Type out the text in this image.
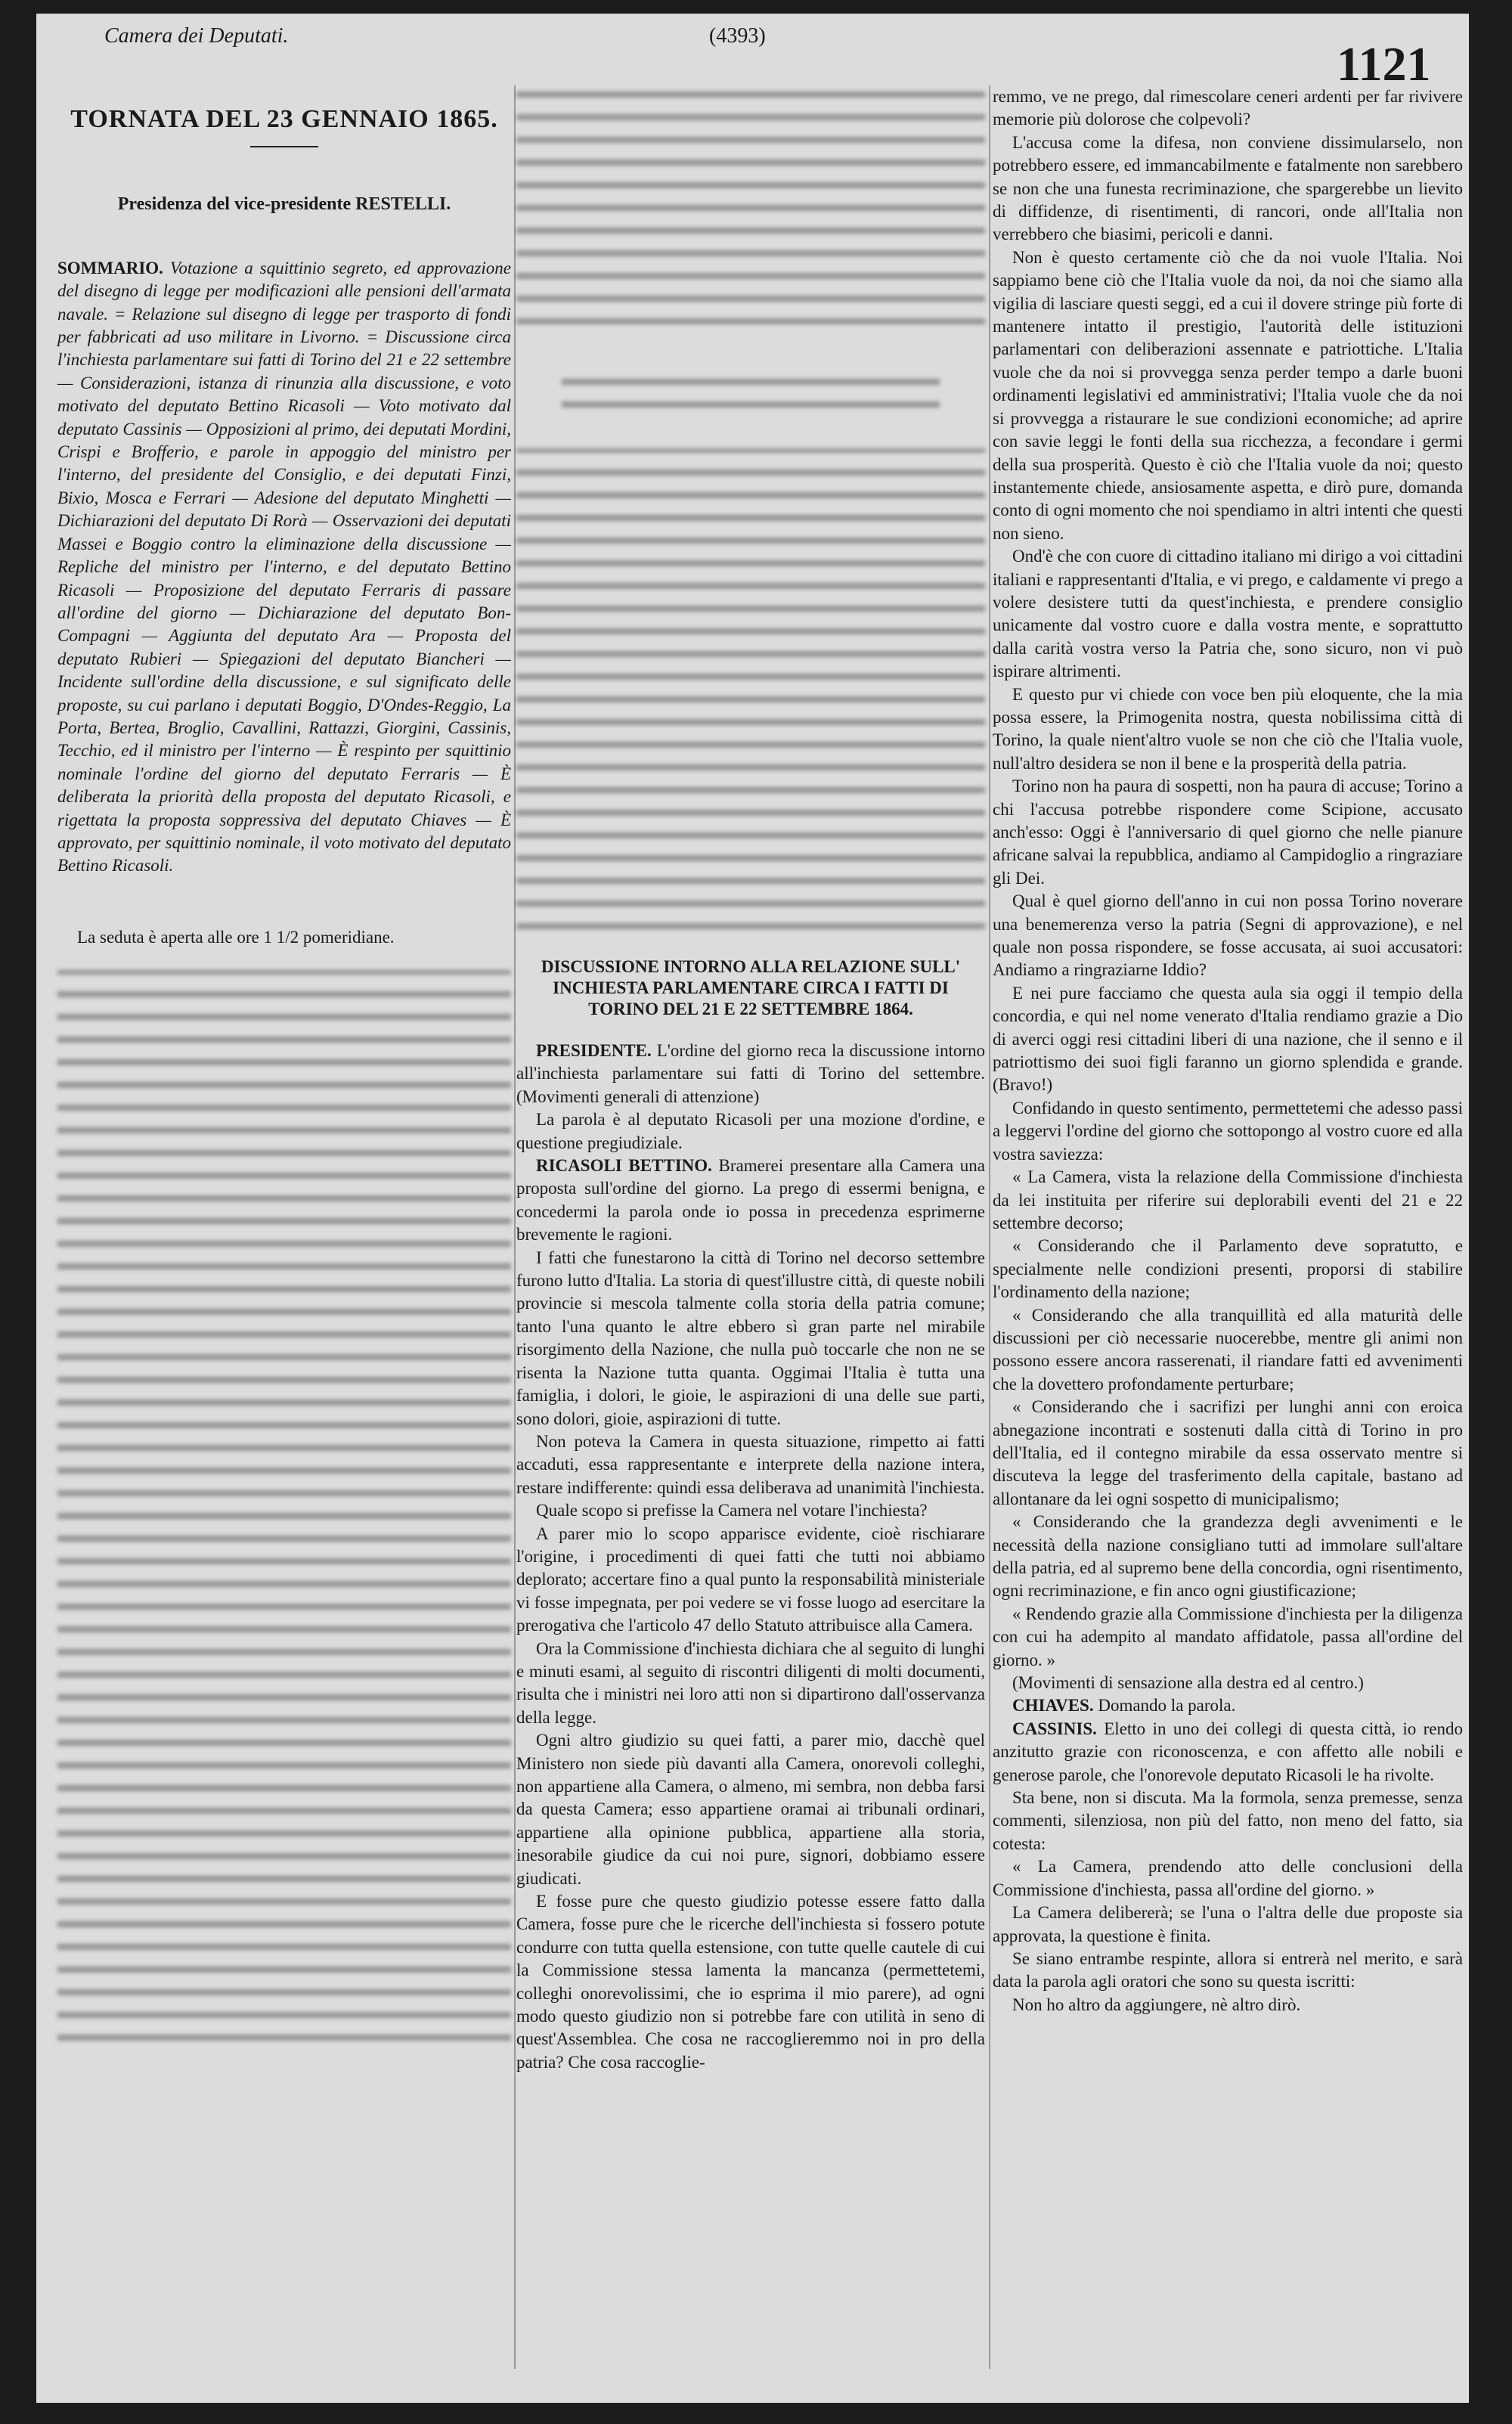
Camera dei Deputati.	(4393)
1121

TORNATA DEL 23 GENNAIO 1865.

Presidenza del vice-presidente RESTELLI.

SOMMARIO. Votazione a squittinio segreto, ed approvazione del disegno di legge per modificazioni alle pensioni dell'armata navale. = Relazione sul disegno di legge per trasporto di fondi per fabbricati ad uso militare in Livorno. = Discussione circa l'inchiesta parlamentare sui fatti di Torino del 21 e 22 settembre — Considerazioni, istanza di rinunzia alla discussione, e voto motivato del deputato Bettino Ricasoli — Voto motivato dal deputato Cassinis — Opposizioni al primo, dei deputati Mordini, Crispi e Brofferio, e parole in appoggio del ministro per l'interno, del presidente del Consiglio, e dei deputati Finzi, Bixio, Mosca e Ferrari — Adesione del deputato Minghetti — Dichiarazioni del deputato Di Rorà — Osservazioni dei deputati Massei e Boggio contro la eliminazione della discussione — Repliche del ministro per l'interno, e del deputato Bettino Ricasoli — Proposizione del deputato Ferraris di passare all'ordine del giorno — Dichiarazione del deputato Bon-Compagni — Aggiunta del deputato Ara — Proposta del deputato Rubieri — Spiegazioni del deputato Biancheri — Incidente sull'ordine della discussione, e sul significato delle proposte, su cui parlano i deputati Boggio, D'Ondes-Reggio, La Porta, Bertea, Broglio, Cavallini, Rattazzi, Giorgini, Cassinis, Tecchio, ed il ministro per l'interno — È respinto per squittinio nominale l'ordine del giorno del deputato Ferraris — È deliberata la priorità della proposta del deputato Ricasoli, e rigettata la proposta soppressiva del deputato Chiaves — È approvato, per squittinio nominale, il voto motivato del deputato Bettino Ricasoli.

La seduta è aperta alle ore 1 1/2 pomeridiane.

DISCUSSIONE INTORNO ALLA RELAZIONE SULL' INCHIESTA PARLAMENTARE CIRCA I FATTI DI TORINO DEL 21 E 22 SETTEMBRE 1864.

PRESIDENTE. L'ordine del giorno reca la discussione intorno all'inchiesta parlamentare sui fatti di Torino del settembre. (Movimenti generali di attenzione)

La parola è al deputato Ricasoli per una mozione d'ordine, e questione pregiudiziale.

RICASOLI BETTINO. Bramerei presentare alla Camera una proposta sull'ordine del giorno. La prego di essermi benigna, e concedermi la parola onde io possa in precedenza esprimerne brevemente le ragioni.

I fatti che funestarono la città di Torino nel decorso settembre furono lutto d'Italia. La storia di quest'illustre città, di queste nobili provincie si mescola talmente colla storia della patria comune; tanto l'una quanto le altre ebbero sì gran parte nel mirabile risorgimento della Nazione, che nulla può toccarle che non ne se risenta la Nazione tutta quanta. Oggimai l'Italia è tutta una famiglia, i dolori, le gioie, le aspirazioni di una delle sue parti, sono dolori, gioie, aspirazioni di tutte.

Non poteva la Camera in questa situazione, rimpetto ai fatti accaduti, essa rappresentante e interprete della nazione intera, restare indifferente: quindi essa deliberava ad unanimità l'inchiesta.

Quale scopo si prefisse la Camera nel votare l'inchiesta?

A parer mio lo scopo apparisce evidente, cioè rischiarare l'origine, i procedimenti di quei fatti che tutti noi abbiamo deplorato; accertare fino a qual punto la responsabilità ministeriale vi fosse impegnata, per poi vedere se vi fosse luogo ad esercitare la prerogativa che l'articolo 47 dello Statuto attribuisce alla Camera.

Ora la Commissione d'inchiesta dichiara che al seguito di lunghi e minuti esami, al seguito di riscontri diligenti di molti documenti, risulta che i ministri nei loro atti non si dipartirono dall'osservanza della legge.

Ogni altro giudizio su quei fatti, a parer mio, dacchè quel Ministero non siede più davanti alla Camera, onorevoli colleghi, non appartiene alla Camera, o almeno, mi sembra, non debba farsi da questa Camera; esso appartiene oramai ai tribunali ordinari, appartiene alla opinione pubblica, appartiene alla storia, inesorabile giudice da cui noi pure, signori, dobbiamo essere giudicati.

E fosse pure che questo giudizio potesse essere fatto dalla Camera, fosse pure che le ricerche dell'inchiesta si fossero potute condurre con tutta quella estensione, con tutte quelle cautele di cui la Commissione stessa lamenta la mancanza (permettetemi, colleghi onorevolissimi, che io esprima il mio parere), ad ogni modo questo giudizio non si potrebbe fare con utilità in seno di quest'Assemblea. Che cosa ne raccoglieremmo noi in pro della patria? Che cosa raccoglie-

remmo, ve ne prego, dal rimescolare ceneri ardenti per far rivivere memorie più dolorose che colpevoli?

L'accusa come la difesa, non conviene dissimularselo, non potrebbero essere, ed immancabilmente e fatalmente non sarebbero se non che una funesta recriminazione, che spargerebbe un lievito di diffidenze, di risentimenti, di rancori, onde all'Italia non verrebbero che biasimi, pericoli e danni.

Non è questo certamente ciò che da noi vuole l'Italia. Noi sappiamo bene ciò che l'Italia vuole da noi, da noi che siamo alla vigilia di lasciare questi seggi, ed a cui il dovere stringe più forte di mantenere intatto il prestigio, l'autorità delle istituzioni parlamentari con deliberazioni assennate e patriottiche. L'Italia vuole che da noi si provvegga senza perder tempo a darle buoni ordinamenti legislativi ed amministrativi; l'Italia vuole che da noi si provvegga a ristaurare le sue condizioni economiche; ad aprire con savie leggi le fonti della sua ricchezza, a fecondare i germi della sua prosperità. Questo è ciò che l'Italia vuole da noi; questo instantemente chiede, ansiosamente aspetta, e dirò pure, domanda conto di ogni momento che noi spendiamo in altri intenti che questi non sieno.

Ond'è che con cuore di cittadino italiano mi dirigo a voi cittadini italiani e rappresentanti d'Italia, e vi prego, e caldamente vi prego a volere desistere tutti da quest'inchiesta, e prendere consiglio unicamente dal vostro cuore e dalla vostra mente, e soprattutto dalla carità vostra verso la Patria che, sono sicuro, non vi può ispirare altrimenti.

E questo pur vi chiede con voce ben più eloquente, che la mia possa essere, la Primogenita nostra, questa nobilissima città di Torino, la quale nient'altro vuole se non che ciò che l'Italia vuole, null'altro desidera se non il bene e la prosperità della patria.

Torino non ha paura di sospetti, non ha paura di accuse; Torino a chi l'accusa potrebbe rispondere come Scipione, accusato anch'esso: Oggi è l'anniversario di quel giorno che nelle pianure africane salvai la repubblica, andiamo al Campidoglio a ringraziare gli Dei.

Qual è quel giorno dell'anno in cui non possa Torino noverare una benemerenza verso la patria (Segni di approvazione), e nel quale non possa rispondere, se fosse accusata, ai suoi accusatori: Andiamo a ringraziarne Iddio?

E nei pure facciamo che questa aula sia oggi il tempio della concordia, e qui nel nome venerato d'Italia rendiamo grazie a Dio di averci oggi resi cittadini liberi di una nazione, che il senno e il patriottismo dei suoi figli faranno un giorno splendida e grande. (Bravo!)

Confidando in questo sentimento, permettetemi che adesso passi a leggervi l'ordine del giorno che sottopongo al vostro cuore ed alla vostra saviezza:

« La Camera, vista la relazione della Commissione d'inchiesta da lei instituita per riferire sui deplorabili eventi del 21 e 22 settembre decorso;

« Considerando che il Parlamento deve sopratutto, e specialmente nelle condizioni presenti, proporsi di stabilire l'ordinamento della nazione;

« Considerando che alla tranquillità ed alla maturità delle discussioni per ciò necessarie nuocerebbe, mentre gli animi non possono essere ancora rasserenati, il riandare fatti ed avvenimenti che la dovettero profondamente perturbare;

« Considerando che i sacrifizi per lunghi anni con eroica abnegazione incontrati e sostenuti dalla città di Torino in pro dell'Italia, ed il contegno mirabile da essa osservato mentre si discuteva la legge del trasferimento della capitale, bastano ad allontanare da lei ogni sospetto di municipalismo;

« Considerando che la grandezza degli avvenimenti e le necessità della nazione consigliano tutti ad immolare sull'altare della patria, ed al supremo bene della concordia, ogni risentimento, ogni recriminazione, e fin anco ogni giustificazione;

« Rendendo grazie alla Commissione d'inchiesta per la diligenza con cui ha adempito al mandato affidatole, passa all'ordine del giorno. »

(Movimenti di sensazione alla destra ed al centro.)

CHIAVES. Domando la parola.

CASSINIS. Eletto in uno dei collegi di questa città, io rendo anzitutto grazie con riconoscenza, e con affetto alle nobili e generose parole, che l'onorevole deputato Ricasoli le ha rivolte.

Sta bene, non si discuta. Ma la formola, senza premesse, senza commenti, silenziosa, non più del fatto, non meno del fatto, sia cotesta:

« La Camera, prendendo atto delle conclusioni della Commissione d'inchiesta, passa all'ordine del giorno. »

La Camera delibererà; se l'una o l'altra delle due proposte sia approvata, la questione è finita.

Se siano entrambe respinte, allora si entrerà nel merito, e sarà data la parola agli oratori che sono su questa iscritti:

Non ho altro da aggiungere, nè altro dirò.
